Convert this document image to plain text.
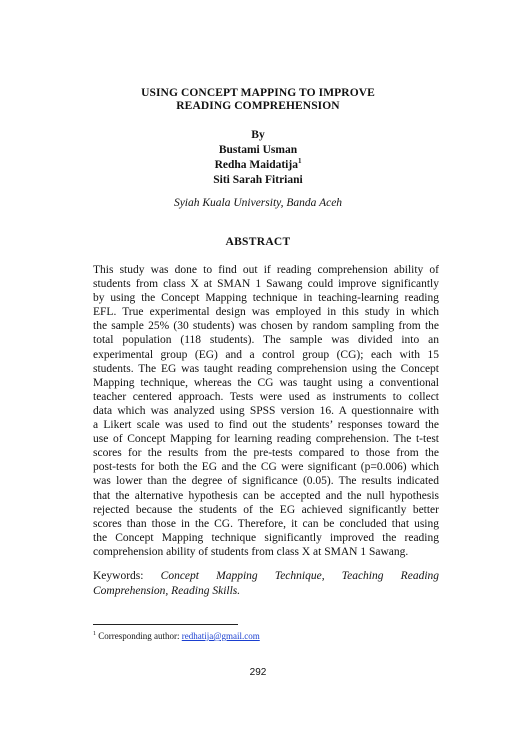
USING CONCEPT MAPPING TO IMPROVE
READING COMPREHENSION
By
Bustami Usman
Redha Maidatija$^1$
Siti Sarah Fitriani
Syiah Kuala University, Banda Aceh
ABSTRACT
This study was done to find out if reading comprehension ability of
students from class X at SMAN 1 Sawang could improve significantly
by using the Concept Mapping technique in teaching-learning reading
EFL. True experimental design was employed in this study in which
the sample 25% (30 students) was chosen by random sampling from the
total population (118 students). The sample was divided into an
experimental group (EG) and a control group (CG); each with 15
students. The EG was taught reading comprehension using the Concept
Mapping technique, whereas the CG was taught using a conventional
teacher centered approach. Tests were used as instruments to collect
data which was analyzed using SPSS version 16. A questionnaire with
a Likert scale was used to find out the students’ responses toward the
use of Concept Mapping for learning reading comprehension. The t-test
scores for the results from the pre-tests compared to those from the
post-tests for both the EG and the CG were significant (p=0.006) which
was lower than the degree of significance (0.05). The results indicated
that the alternative hypothesis can be accepted and the null hypothesis
rejected because the students of the EG achieved significantly better
scores than those in the CG. Therefore, it can be concluded that using
the Concept Mapping technique significantly improved the reading
comprehension ability of students from class X at SMAN 1 Sawang.
Keywords: Concept Mapping Technique, Teaching Reading
Comprehension, Reading Skills.
$^1$ Corresponding author: redhatija@gmail.com
292
